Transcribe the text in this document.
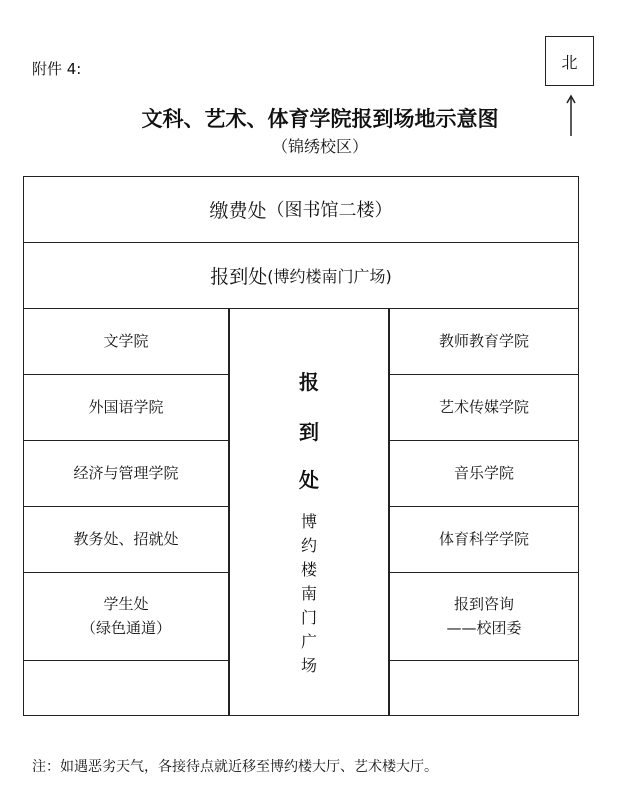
附件 4:	北
文科、艺术、体育学院报到场地示意图
（锦绣校区）
缴费处 （图书馆二楼）
报到处 (博约楼南门广场)
文学院
外国语学院
经济与管理学院
教务处、招就处
学生处
（绿色通道）
教师教育学院
艺术传媒学院
音乐学院
体育科学学院
报到咨询
——校团委
报
到
处
博
约
楼
南
门
广
场
注：如遇恶劣天气，各接待点就近移至博约楼大厅、艺术楼大厅。
